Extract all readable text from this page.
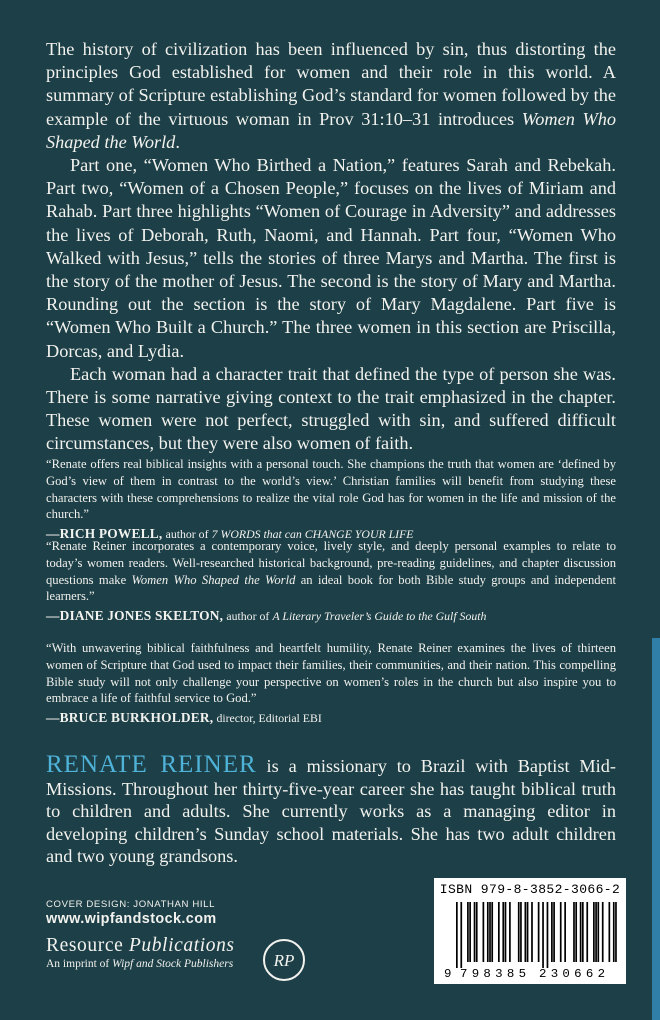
The history of civilization has been influenced by sin, thus distorting the principles God established for women and their role in this world. A summary of Scripture establishing God’s standard for women followed by the example of the virtuous woman in Prov 31:10–31 introduces Women Who Shaped the World.

Part one, “Women Who Birthed a Nation,” features Sarah and Rebekah. Part two, “Women of a Chosen People,” focuses on the lives of Miriam and Rahab. Part three highlights “Women of Courage in Adversity” and addresses the lives of Deborah, Ruth, Naomi, and Hannah. Part four, “Women Who Walked with Jesus,” tells the stories of three Marys and Martha. The first is the story of the mother of Jesus. The second is the story of Mary and Martha. Rounding out the section is the story of Mary Magdalene. Part five is “Women Who Built a Church.” The three women in this section are Priscilla, Dorcas, and Lydia.

Each woman had a character trait that defined the type of person she was. There is some narrative giving context to the trait emphasized in the chapter. These women were not perfect, struggled with sin, and suffered difficult circumstances, but they were also women of faith.

“Renate offers real biblical insights with a personal touch. She champions the truth that women are ‘defined by God’s view of them in contrast to the world’s view.’ Christian families will benefit from studying these characters with these comprehensions to realize the vital role God has for women in the life and mission of the church.”

—RICH POWELL, author of 7 WORDS that can CHANGE YOUR LIFE

“Renate Reiner incorporates a contemporary voice, lively style, and deeply personal examples to relate to today’s women readers. Well-researched historical background, pre-reading guidelines, and chapter discussion questions make Women Who Shaped the World an ideal book for both Bible study groups and independent learners.”

—DIANE JONES SKELTON, author of A Literary Traveler’s Guide to the Gulf South

“With unwavering biblical faithfulness and heartfelt humility, Renate Reiner examines the lives of thirteen women of Scripture that God used to impact their families, their communities, and their nation. This compelling Bible study will not only challenge your perspective on women’s roles in the church but also inspire you to embrace a life of faithful service to God.”

—BRUCE BURKHOLDER, director, Editorial EBI

RENATE REINER is a missionary to Brazil with Baptist Mid-Missions. Throughout her thirty-five-year career she has taught biblical truth to children and adults. She currently works as a managing editor in developing children’s Sunday school materials. She has two adult children and two young grandsons.

COVER DESIGN: JONATHAN HILL

www.wipfandstock.com

Resource Publications

An imprint of Wipf and Stock Publishers	RP

ISBN 979-8-3852-3066-2

9 798385 230662
